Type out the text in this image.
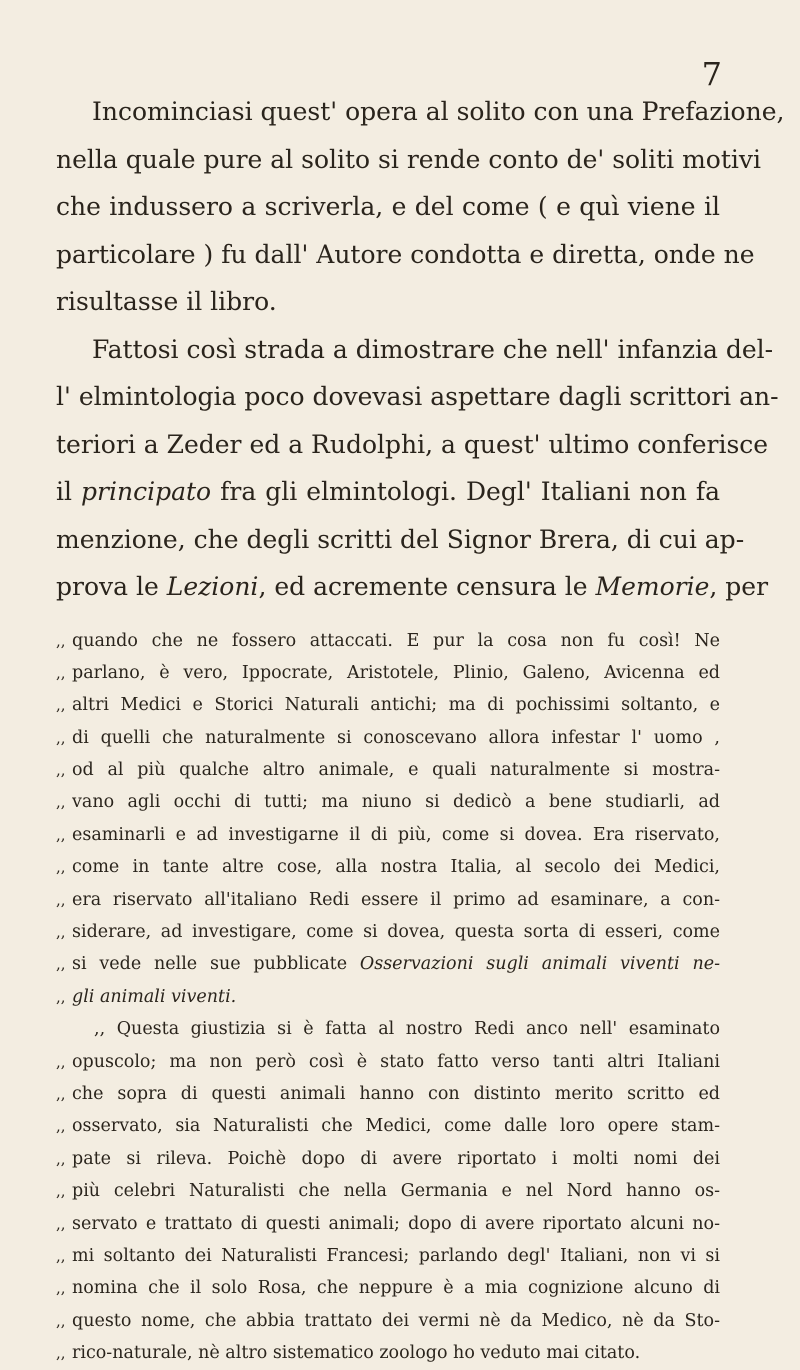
7
Incominciasi quest' opera al solito con una Prefazione,
nella quale pure al solito si rende conto de' soliti motivi
che indussero a scriverla, e del come ( e quì viene il
particolare ) fu dall' Autore condotta e diretta, onde ne
risultasse il libro.
Fattosi così strada a dimostrare che nell' infanzia del-
l' elmintologia poco dovevasi aspettare dagli scrittori an-
teriori a Zeder ed a Rudolphi, a quest' ultimo conferisce
il principato fra gli elmintologi. Degl' Italiani non fa
menzione, che degli scritti del Signor Brera, di cui ap-
prova le Lezioni, ed acremente censura le Memorie, per
,, quando che ne fossero attaccati. E pur la cosa non fu così! Ne
,, parlano, è vero, Ippocrate, Aristotele, Plinio, Galeno, Avicenna ed
,, altri Medici e Storici Naturali antichi; ma di pochissimi soltanto, e
,, di quelli che naturalmente si conoscevano allora infestar l' uomo ,
,, od al più qualche altro animale, e quali naturalmente si mostra-
,, vano agli occhi di tutti; ma niuno si dedicò a bene studiarli, ad
,, esaminarli e ad investigarne il di più, come si dovea. Era riservato,
,, come in tante altre cose, alla nostra Italia, al secolo dei Medici,
,, era riservato all'italiano Redi essere il primo ad esaminare, a con-
,, siderare, ad investigare, come si dovea, questa sorta di esseri, come
,, si vede nelle sue pubblicate Osservazioni sugli animali viventi ne-
,, gli animali viventi.
,, Questa giustizia si è fatta al nostro Redi anco nell' esaminato
,, opuscolo; ma non però così è stato fatto verso tanti altri Italiani
,, che sopra di questi animali hanno con distinto merito scritto ed
,, osservato, sia Naturalisti che Medici, come dalle loro opere stam-
,, pate si rileva. Poichè dopo di avere riportato i molti nomi dei
,, più celebri Naturalisti che nella Germania e nel Nord hanno os-
,, servato e trattato di questi animali; dopo di avere riportato alcuni no-
,, mi soltanto dei Naturalisti Francesi; parlando degl' Italiani, non vi si
,, nomina che il solo Rosa, che neppure è a mia cognizione alcuno di
,, questo nome, che abbia trattato dei vermi nè da Medico, nè da Sto-
,, rico-naturale, nè altro sistematico zoologo ho veduto mai citato.
